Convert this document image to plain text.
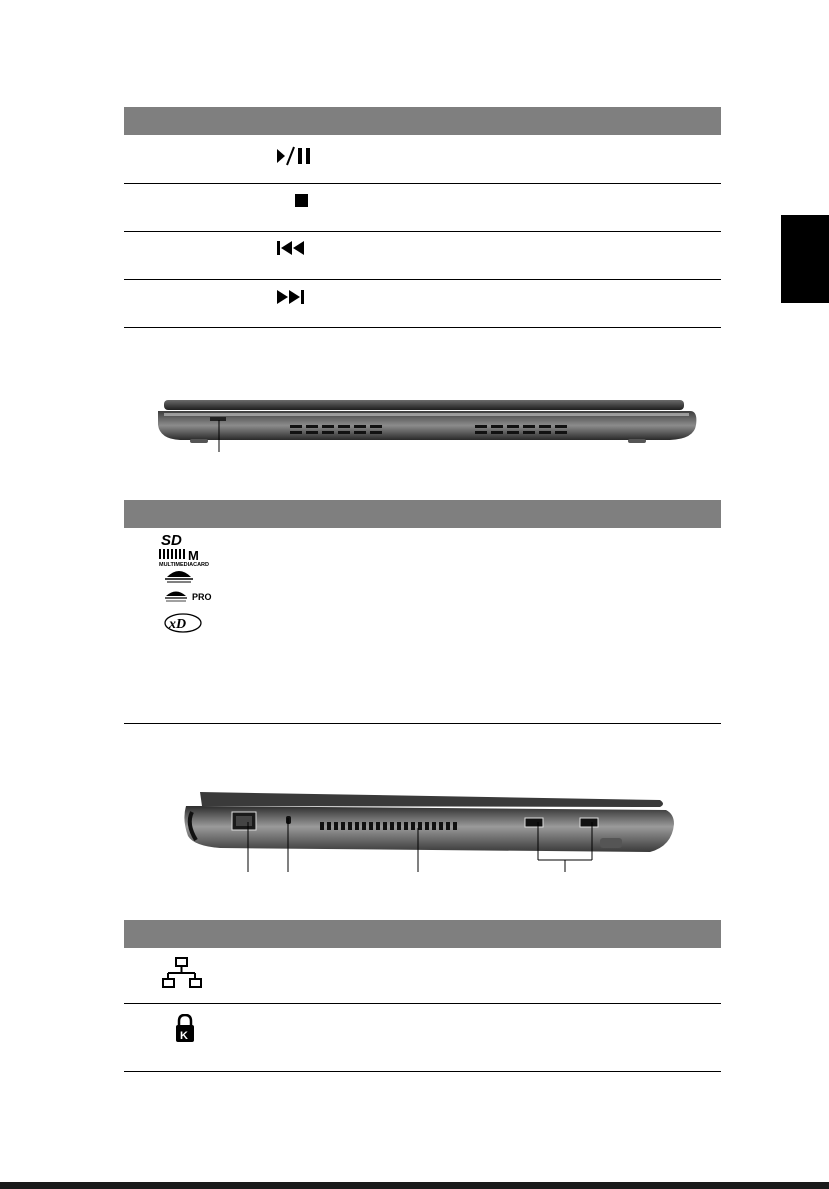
SD
M
MULTIMEDIACARD
PRO
xD
K
